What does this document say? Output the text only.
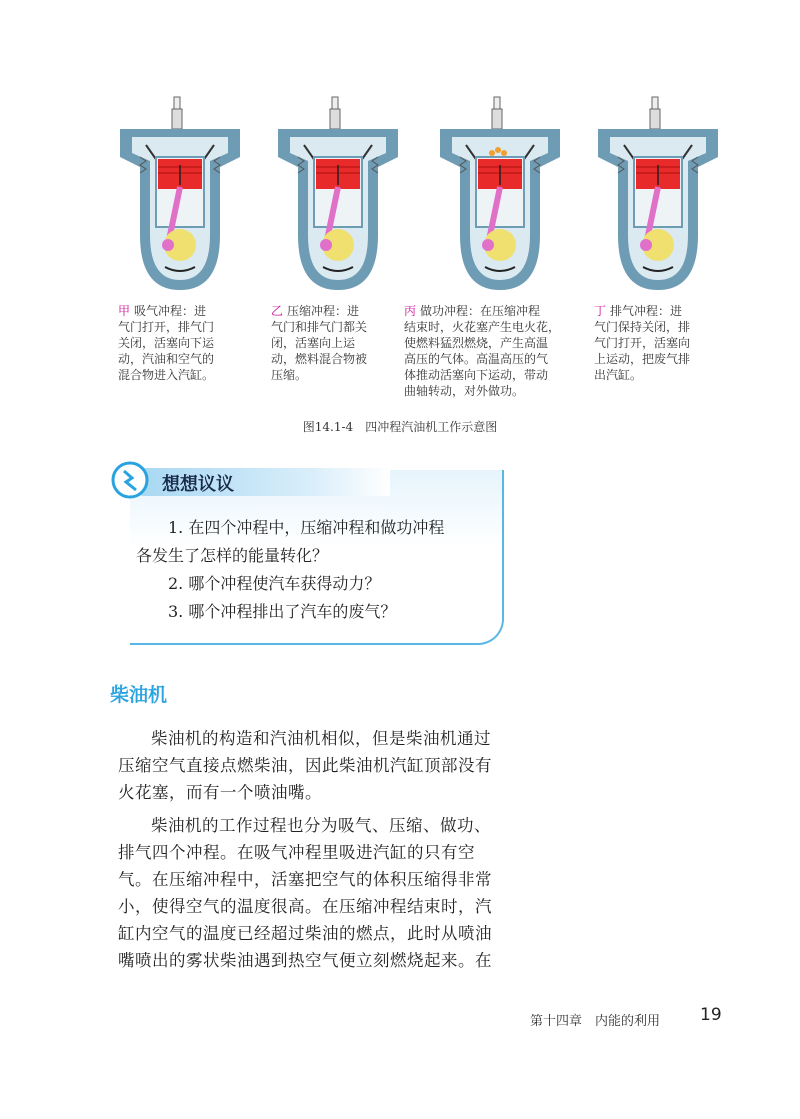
甲 吸气冲程：进
气门打开，排气门
关闭，活塞向下运
动，汽油和空气的
混合物进入汽缸。
乙 压缩冲程：进
气门和排气门都关
闭，活塞向上运
动，燃料混合物被
压缩。
丙 做功冲程：在压缩冲程
结束时，火花塞产生电火花，
使燃料猛烈燃烧，产生高温
高压的气体。高温高压的气
体推动活塞向下运动，带动
曲轴转动，对外做功。
丁 排气冲程：进
气门保持关闭，排
气门打开，活塞向
上运动，把废气排
出汽缸。
图14.1-4　四冲程汽油机工作示意图
想想议议
1. 在四个冲程中，压缩冲程和做功冲程
各发生了怎样的能量转化？
2. 哪个冲程使汽车获得动力？
3. 哪个冲程排出了汽车的废气？
柴油机
柴油机的构造和汽油机相似，但是柴油机通过
压缩空气直接点燃柴油，因此柴油机汽缸顶部没有
火花塞，而有一个喷油嘴。
柴油机的工作过程也分为吸气、压缩、做功、
排气四个冲程。在吸气冲程里吸进汽缸的只有空
气。在压缩冲程中，活塞把空气的体积压缩得非常
小，使得空气的温度很高。在压缩冲程结束时，汽
缸内空气的温度已经超过柴油的燃点，此时从喷油
嘴喷出的雾状柴油遇到热空气便立刻燃烧起来。在
第十四章　内能的利用 19
